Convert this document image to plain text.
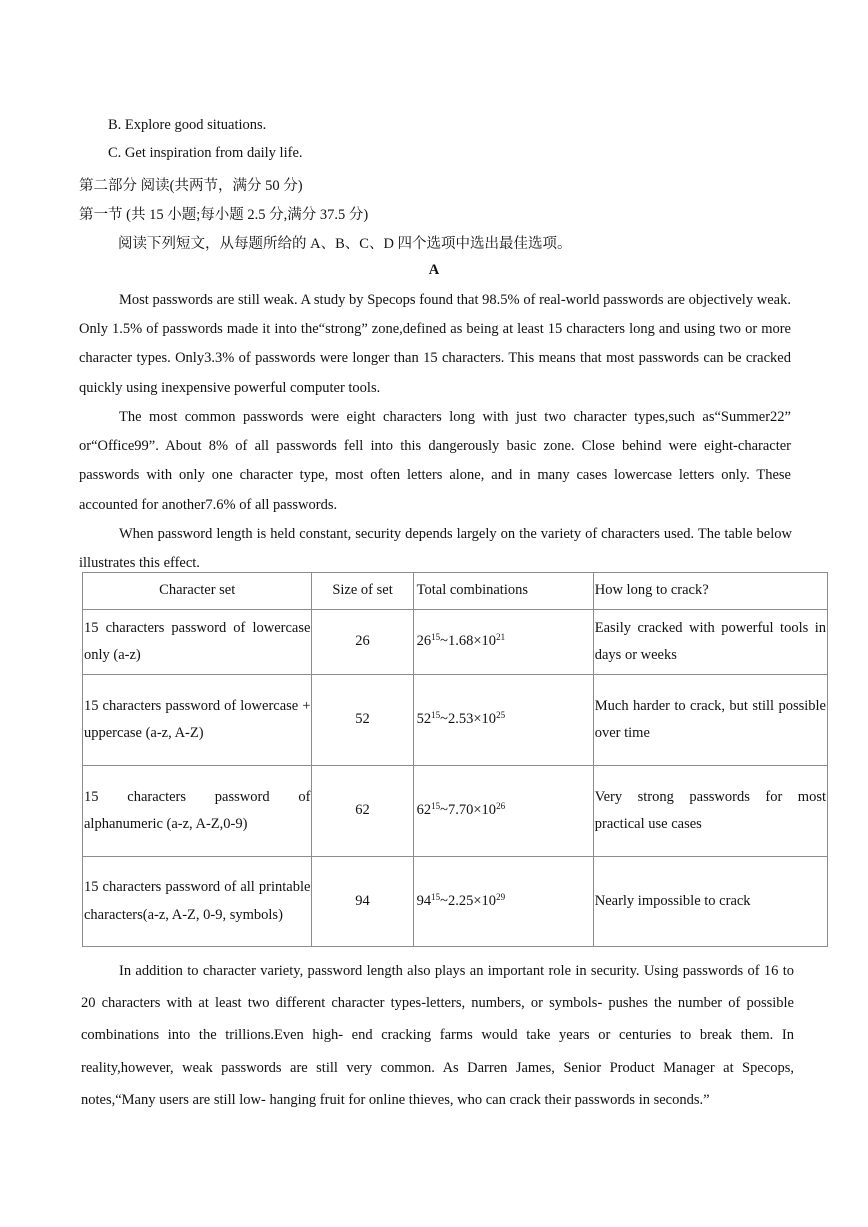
B. Explore good situations.
C. Get inspiration from daily life.
第二部分 阅读(共两节，满分 50 分)
第一节 (共 15 小题;每小题 2.5 分,满分 37.5 分)
阅读下列短文，从每题所给的 A、B、C、D 四个选项中选出最佳选项。
A
Most passwords are still weak. A study by Specops found that 98.5% of real-world passwords are objectively weak. Only 1.5% of passwords made it into the“strong” zone,defined as being at least 15 characters long and using two or more character types. Only3.3% of passwords were longer than 15 characters. This means that most passwords can be cracked quickly using inexpensive powerful computer tools.
The most common passwords were eight characters long with just two character types,such as“Summer22” or“Office99”. About 8% of all passwords fell into this dangerously basic zone. Close behind were eight-character passwords with only one character type, most often letters alone, and in many cases lowercase letters only. These accounted for another7.6% of all passwords.
When password length is held constant, security depends largely on the variety of characters used. The table below illustrates this effect.
Character set	Size of set	Total combinations	How long to crack?
15 characters password of lowercase only (a-z)	26	$26^{15}\sim 1.68\times 10^{21}$	Easily cracked with powerful tools in days or weeks
15 characters password of lowercase + uppercase (a-z, A-Z)	52	$52^{15}\sim 2.53\times 10^{25}$	Much harder to crack, but still possible over time
15 characters password of alphanumeric (a-z, A-Z,0-9)	62	$62^{15}\sim 7.70\times 10^{26}$	Very strong passwords for most practical use cases
15 characters password of all printable characters(a-z, A-Z, 0-9, symbols)	94	$94^{15}\sim 2.25\times 10^{29}$	Nearly impossible to crack
In addition to character variety, password length also plays an important role in security. Using passwords of 16 to 20 characters with at least two different character types-letters, numbers, or symbols- pushes the number of possible combinations into the trillions.Even high- end cracking farms would take years or centuries to break them. In reality,however, weak passwords are still very common. As Darren James, Senior Product Manager at Specops, notes,“Many users are still low- hanging fruit for online thieves, who can crack their passwords in seconds.”
